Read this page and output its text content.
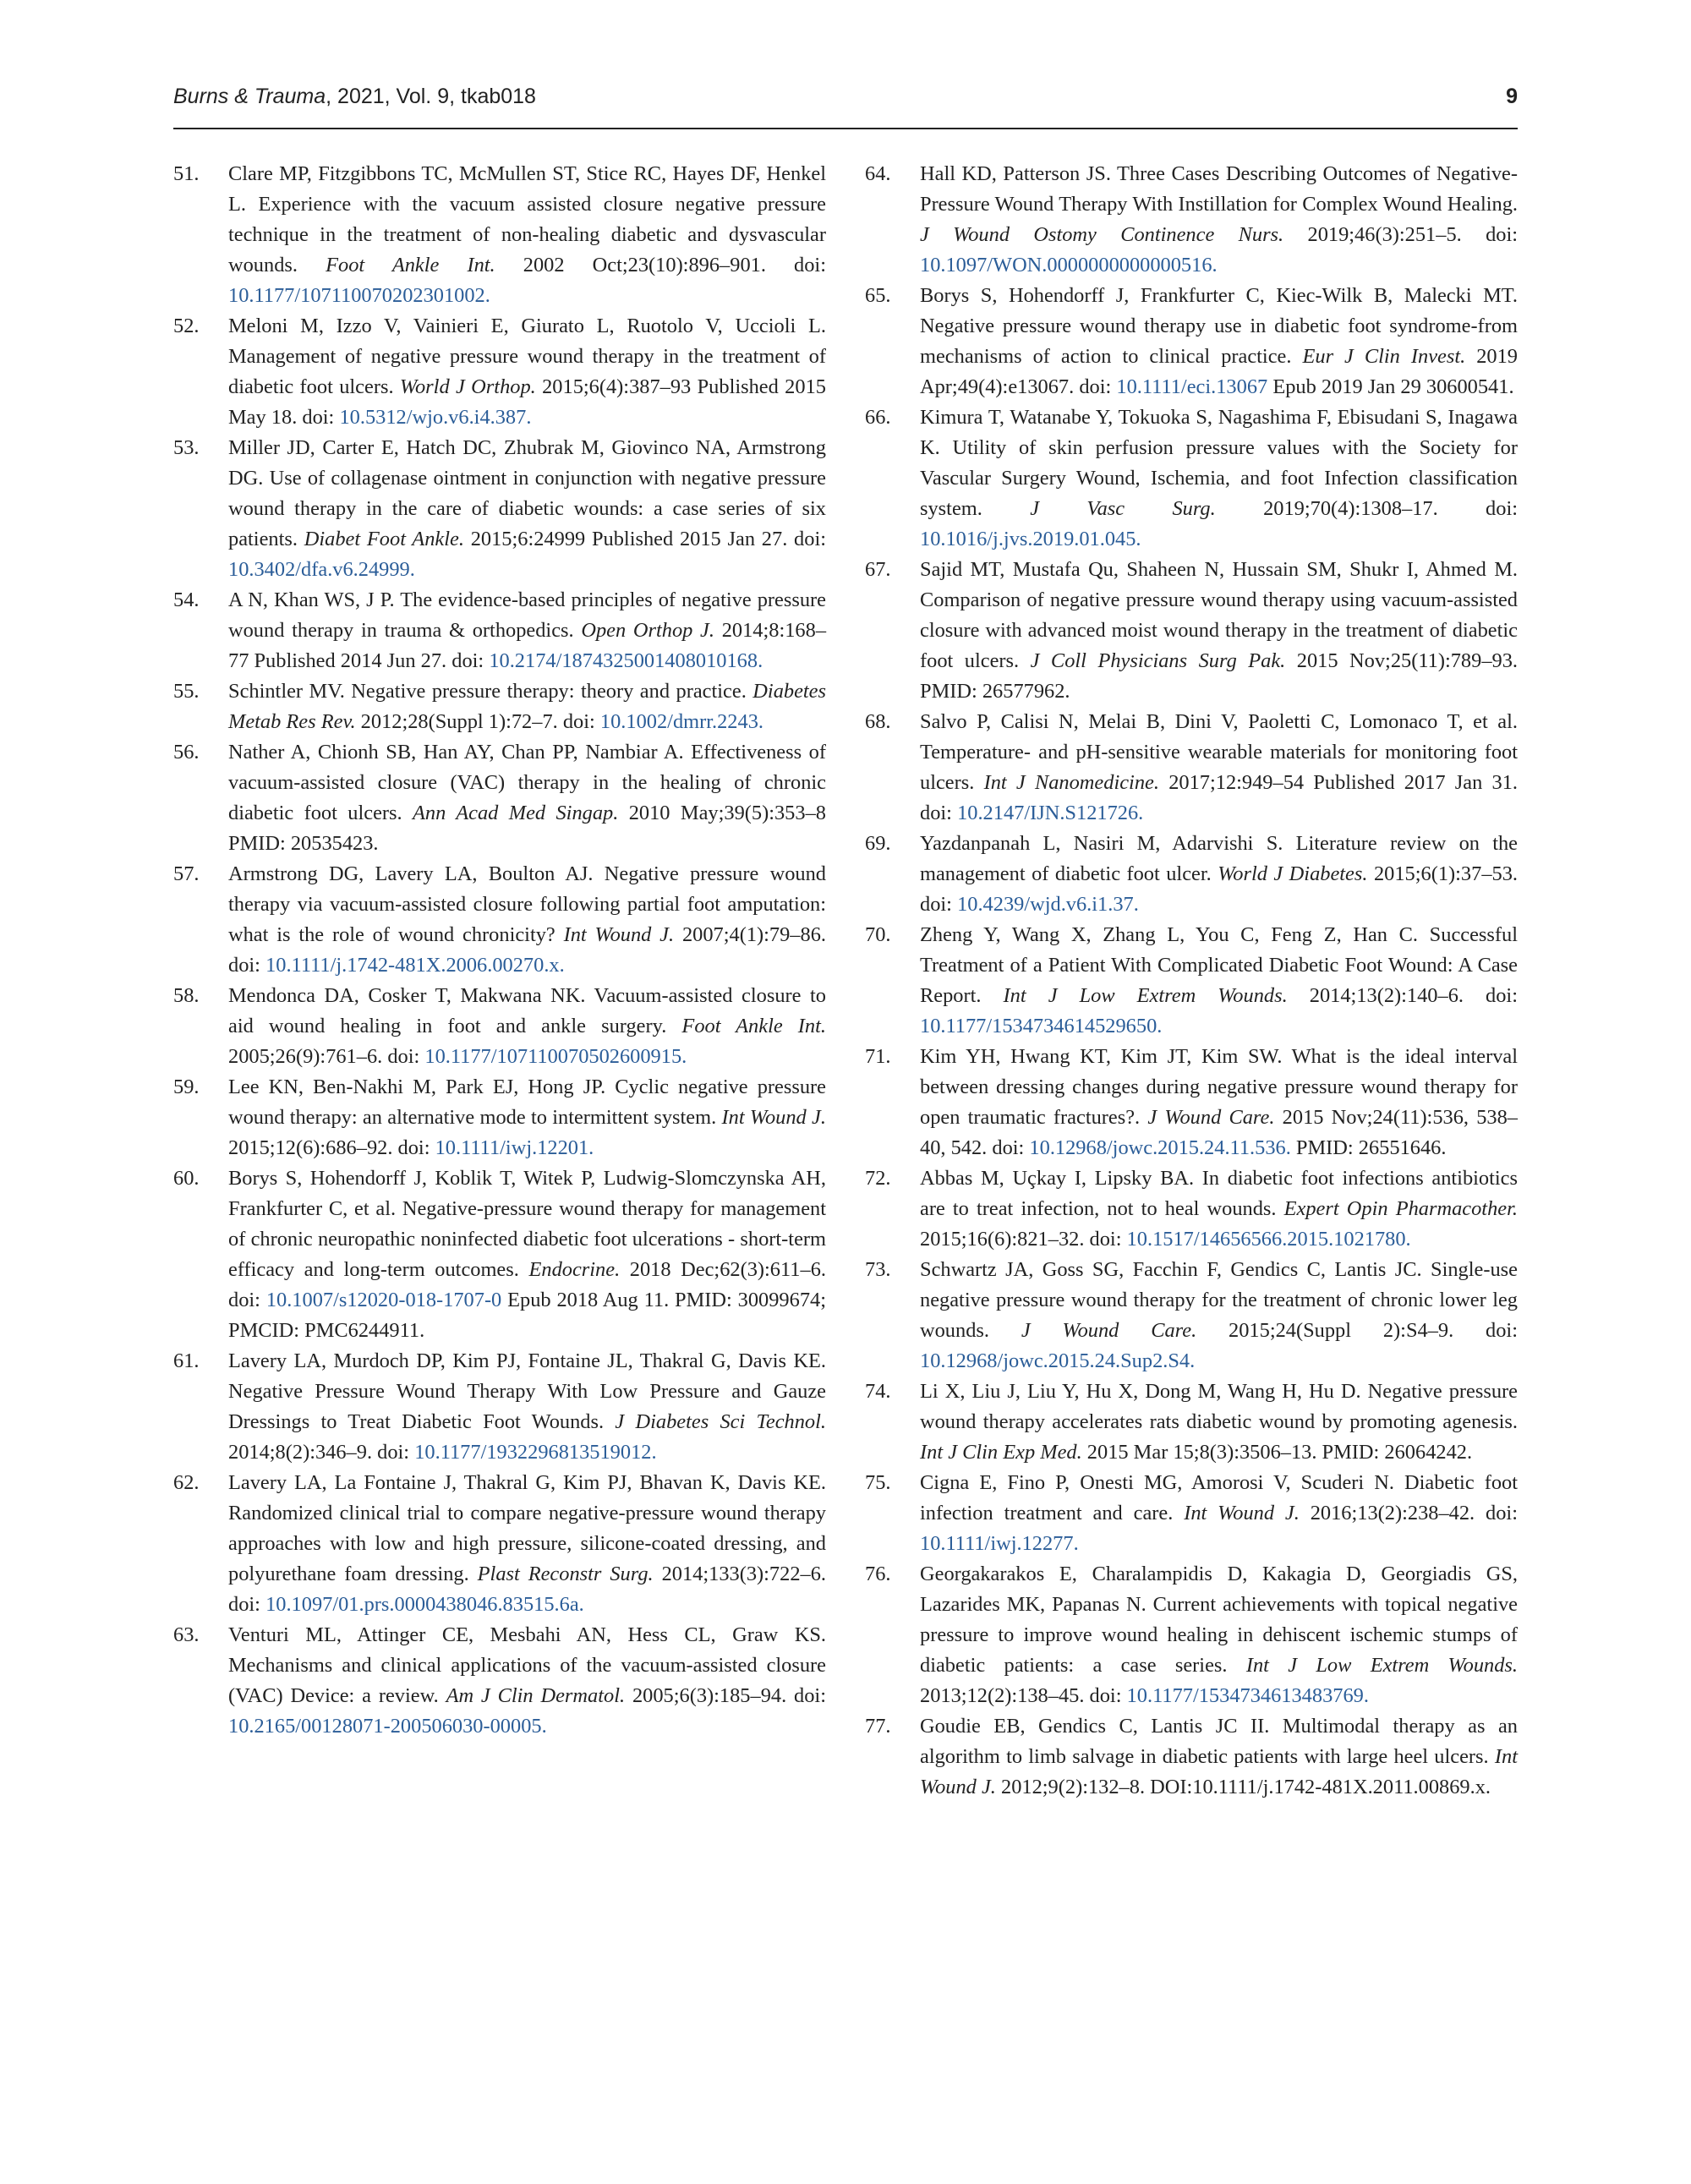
Burns & Trauma, 2021, Vol. 9, tkab018	9

51. Clare MP, Fitzgibbons TC, McMullen ST, Stice RC, Hayes DF, Henkel L. Experience with the vacuum assisted closure negative pressure technique in the treatment of non-healing diabetic and dysvascular wounds. Foot Ankle Int. 2002 Oct;23(10):896–901. doi: 10.1177/107110070202301002.

52. Meloni M, Izzo V, Vainieri E, Giurato L, Ruotolo V, Uccioli L. Management of negative pressure wound therapy in the treatment of diabetic foot ulcers. World J Orthop. 2015;6(4):387–93 Published 2015 May 18. doi: 10.5312/wjo.v6.i4.387.

53. Miller JD, Carter E, Hatch DC, Zhubrak M, Giovinco NA, Armstrong DG. Use of collagenase ointment in conjunction with negative pressure wound therapy in the care of diabetic wounds: a case series of six patients. Diabet Foot Ankle. 2015;6:24999 Published 2015 Jan 27. doi: 10.3402/dfa.v6.24999.

54. A N, Khan WS, J P. The evidence-based principles of negative pressure wound therapy in trauma & orthopedics. Open Orthop J. 2014;8:168–77 Published 2014 Jun 27. doi: 10.2174/1874325001408010168.

55. Schintler MV. Negative pressure therapy: theory and practice. Diabetes Metab Res Rev. 2012;28(Suppl 1):72–7. doi: 10.1002/dmrr.2243.

56. Nather A, Chionh SB, Han AY, Chan PP, Nambiar A. Effectiveness of vacuum-assisted closure (VAC) therapy in the healing of chronic diabetic foot ulcers. Ann Acad Med Singap. 2010 May;39(5):353–8 PMID: 20535423.

57. Armstrong DG, Lavery LA, Boulton AJ. Negative pressure wound therapy via vacuum-assisted closure following partial foot amputation: what is the role of wound chronicity? Int Wound J. 2007;4(1):79–86. doi: 10.1111/j.1742-481X.2006.00270.x.

58. Mendonca DA, Cosker T, Makwana NK. Vacuum-assisted closure to aid wound healing in foot and ankle surgery. Foot Ankle Int. 2005;26(9):761–6. doi: 10.1177/107110070502600915.

59. Lee KN, Ben-Nakhi M, Park EJ, Hong JP. Cyclic negative pressure wound therapy: an alternative mode to intermittent system. Int Wound J. 2015;12(6):686–92. doi: 10.1111/iwj.12201.

60. Borys S, Hohendorff J, Koblik T, Witek P, Ludwig-Slomczynska AH, Frankfurter C, et al. Negative-pressure wound therapy for management of chronic neuropathic noninfected diabetic foot ulcerations - short-term efficacy and long-term outcomes. Endocrine. 2018 Dec;62(3):611–6. doi: 10.1007/s12020-018-1707-0 Epub 2018 Aug 11. PMID: 30099674; PMCID: PMC6244911.

61. Lavery LA, Murdoch DP, Kim PJ, Fontaine JL, Thakral G, Davis KE. Negative Pressure Wound Therapy With Low Pressure and Gauze Dressings to Treat Diabetic Foot Wounds. J Diabetes Sci Technol. 2014;8(2):346–9. doi: 10.1177/1932296813519012.

62. Lavery LA, La Fontaine J, Thakral G, Kim PJ, Bhavan K, Davis KE. Randomized clinical trial to compare negative-pressure wound therapy approaches with low and high pressure, silicone-coated dressing, and polyurethane foam dressing. Plast Reconstr Surg. 2014;133(3):722–6. doi: 10.1097/01.prs.0000438046.83515.6a.

63. Venturi ML, Attinger CE, Mesbahi AN, Hess CL, Graw KS. Mechanisms and clinical applications of the vacuum-assisted closure (VAC) Device: a review. Am J Clin Dermatol. 2005;6(3):185–94. doi: 10.2165/00128071-200506030-00005.

64. Hall KD, Patterson JS. Three Cases Describing Outcomes of Negative-Pressure Wound Therapy With Instillation for Complex Wound Healing. J Wound Ostomy Continence Nurs. 2019;46(3):251–5. doi: 10.1097/WON.0000000000000516.

65. Borys S, Hohendorff J, Frankfurter C, Kiec-Wilk B, Malecki MT. Negative pressure wound therapy use in diabetic foot syndrome-from mechanisms of action to clinical practice. Eur J Clin Invest. 2019 Apr;49(4):e13067. doi: 10.1111/eci.13067 Epub 2019 Jan 29 30600541.

66. Kimura T, Watanabe Y, Tokuoka S, Nagashima F, Ebisudani S, Inagawa K. Utility of skin perfusion pressure values with the Society for Vascular Surgery Wound, Ischemia, and foot Infection classification system. J Vasc Surg. 2019;70(4):1308–17. doi: 10.1016/j.jvs.2019.01.045.

67. Sajid MT, Mustafa Qu, Shaheen N, Hussain SM, Shukr I, Ahmed M. Comparison of negative pressure wound therapy using vacuum-assisted closure with advanced moist wound therapy in the treatment of diabetic foot ulcers. J Coll Physicians Surg Pak. 2015 Nov;25(11):789–93. PMID: 26577962.

68. Salvo P, Calisi N, Melai B, Dini V, Paoletti C, Lomonaco T, et al. Temperature- and pH-sensitive wearable materials for monitoring foot ulcers. Int J Nanomedicine. 2017;12:949–54 Published 2017 Jan 31. doi: 10.2147/IJN.S121726.

69. Yazdanpanah L, Nasiri M, Adarvishi S. Literature review on the management of diabetic foot ulcer. World J Diabetes. 2015;6(1):37–53. doi: 10.4239/wjd.v6.i1.37.

70. Zheng Y, Wang X, Zhang L, You C, Feng Z, Han C. Successful Treatment of a Patient With Complicated Diabetic Foot Wound: A Case Report. Int J Low Extrem Wounds. 2014;13(2):140–6. doi: 10.1177/1534734614529650.

71. Kim YH, Hwang KT, Kim JT, Kim SW. What is the ideal interval between dressing changes during negative pressure wound therapy for open traumatic fractures?. J Wound Care. 2015 Nov;24(11):536, 538–40, 542. doi: 10.12968/jowc.2015.24.11.536. PMID: 26551646.

72. Abbas M, Uçkay I, Lipsky BA. In diabetic foot infections antibiotics are to treat infection, not to heal wounds. Expert Opin Pharmacother. 2015;16(6):821–32. doi: 10.1517/14656566.2015.1021780.

73. Schwartz JA, Goss SG, Facchin F, Gendics C, Lantis JC. Single-use negative pressure wound therapy for the treatment of chronic lower leg wounds. J Wound Care. 2015;24(Suppl 2):S4–9. doi: 10.12968/jowc.2015.24.Sup2.S4.

74. Li X, Liu J, Liu Y, Hu X, Dong M, Wang H, Hu D. Negative pressure wound therapy accelerates rats diabetic wound by promoting agenesis. Int J Clin Exp Med. 2015 Mar 15;8(3):3506–13. PMID: 26064242.

75. Cigna E, Fino P, Onesti MG, Amorosi V, Scuderi N. Diabetic foot infection treatment and care. Int Wound J. 2016;13(2):238–42. doi: 10.1111/iwj.12277.

76. Georgakarakos E, Charalampidis D, Kakagia D, Georgiadis GS, Lazarides MK, Papanas N. Current achievements with topical negative pressure to improve wound healing in dehiscent ischemic stumps of diabetic patients: a case series. Int J Low Extrem Wounds. 2013;12(2):138–45. doi: 10.1177/1534734613483769.

77. Goudie EB, Gendics C, Lantis JC II. Multimodal therapy as an algorithm to limb salvage in diabetic patients with large heel ulcers. Int Wound J. 2012;9(2):132–8. DOI:10.1111/j.1742-481X.2011.00869.x.
